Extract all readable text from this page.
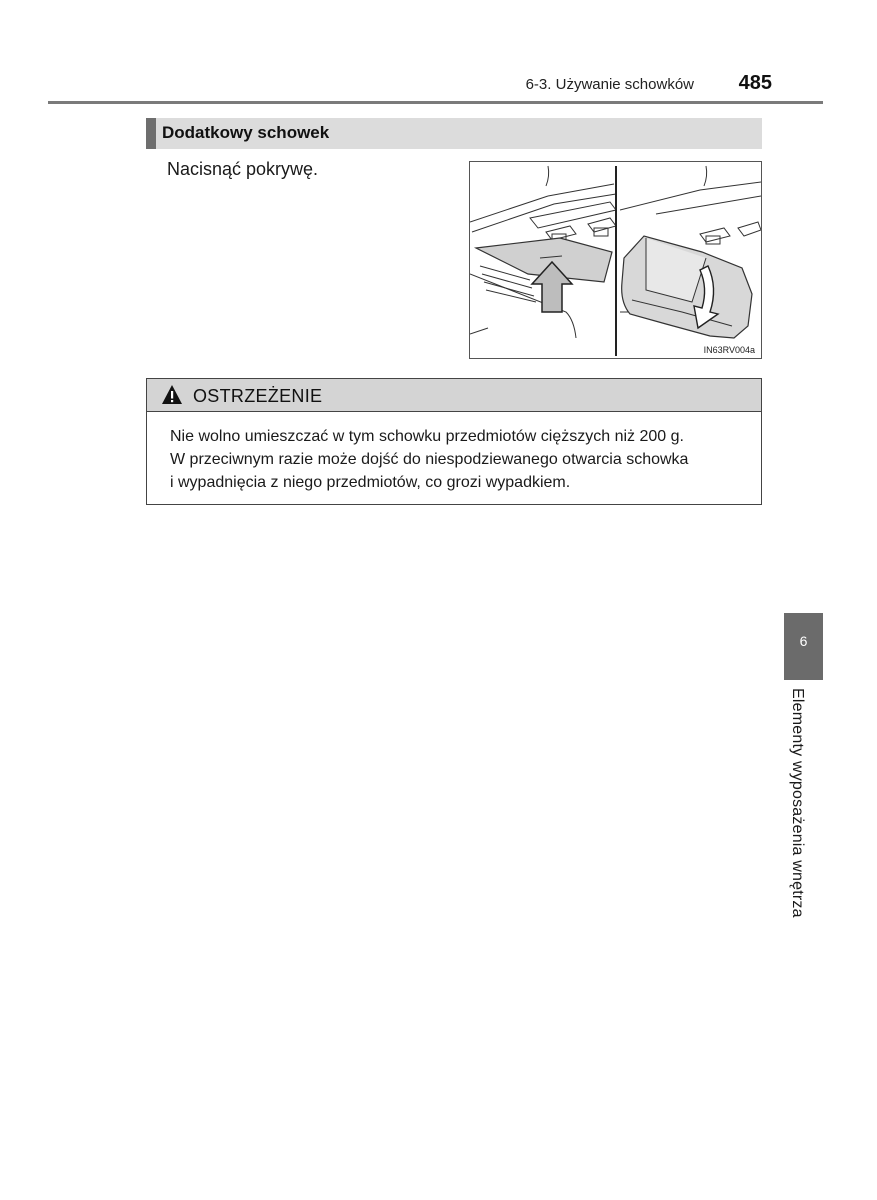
6-3. Używanie schowków 485
Dodatkowy schowek
Nacisnąć pokrywę.
IN63RV004a
OSTRZEŻENIE
Nie wolno umieszczać w tym schowku przedmiotów cięższych niż 200 g.
W przeciwnym razie może dojść do niespodziewanego otwarcia schowka
i wypadnięcia z niego przedmiotów, co grozi wypadkiem.
6
Elementy wyposażenia wnętrza
